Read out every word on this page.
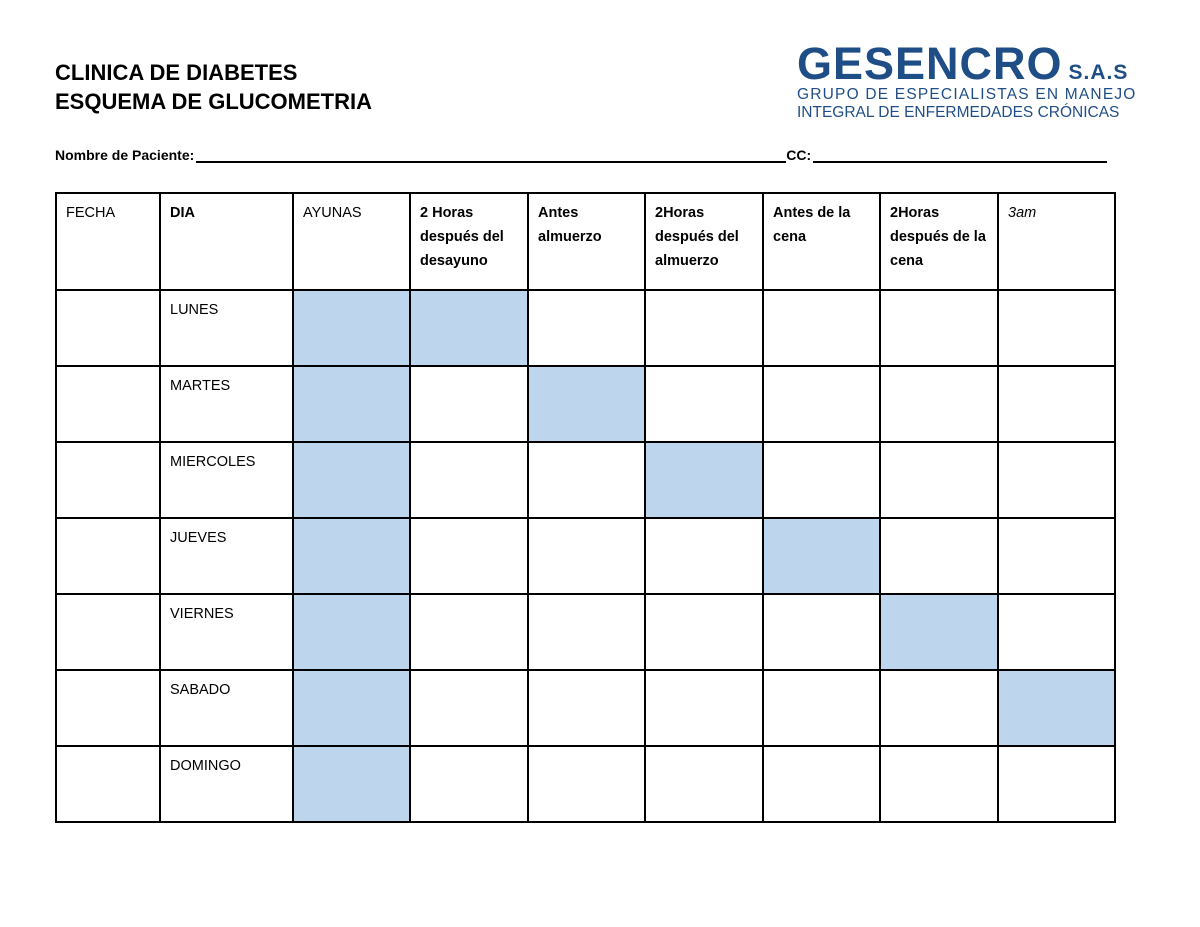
CLINICA DE DIABETES
ESQUEMA DE GLUCOMETRIA
GESENCRO S.A.S
GRUPO DE ESPECIALISTAS EN MANEJO
INTEGRAL DE ENFERMEDADES CRÓNICAS
Nombre de Paciente:	CC:
FECHA	DIA	AYUNAS	2 Horas después del desayuno	Antes almuerzo	2Horas después del almuerzo	Antes de la cena	2Horas después de la cena	3am
	LUNES							
	MARTES							
	MIERCOLES							
	JUEVES							
	VIERNES							
	SABADO							
	DOMINGO							
